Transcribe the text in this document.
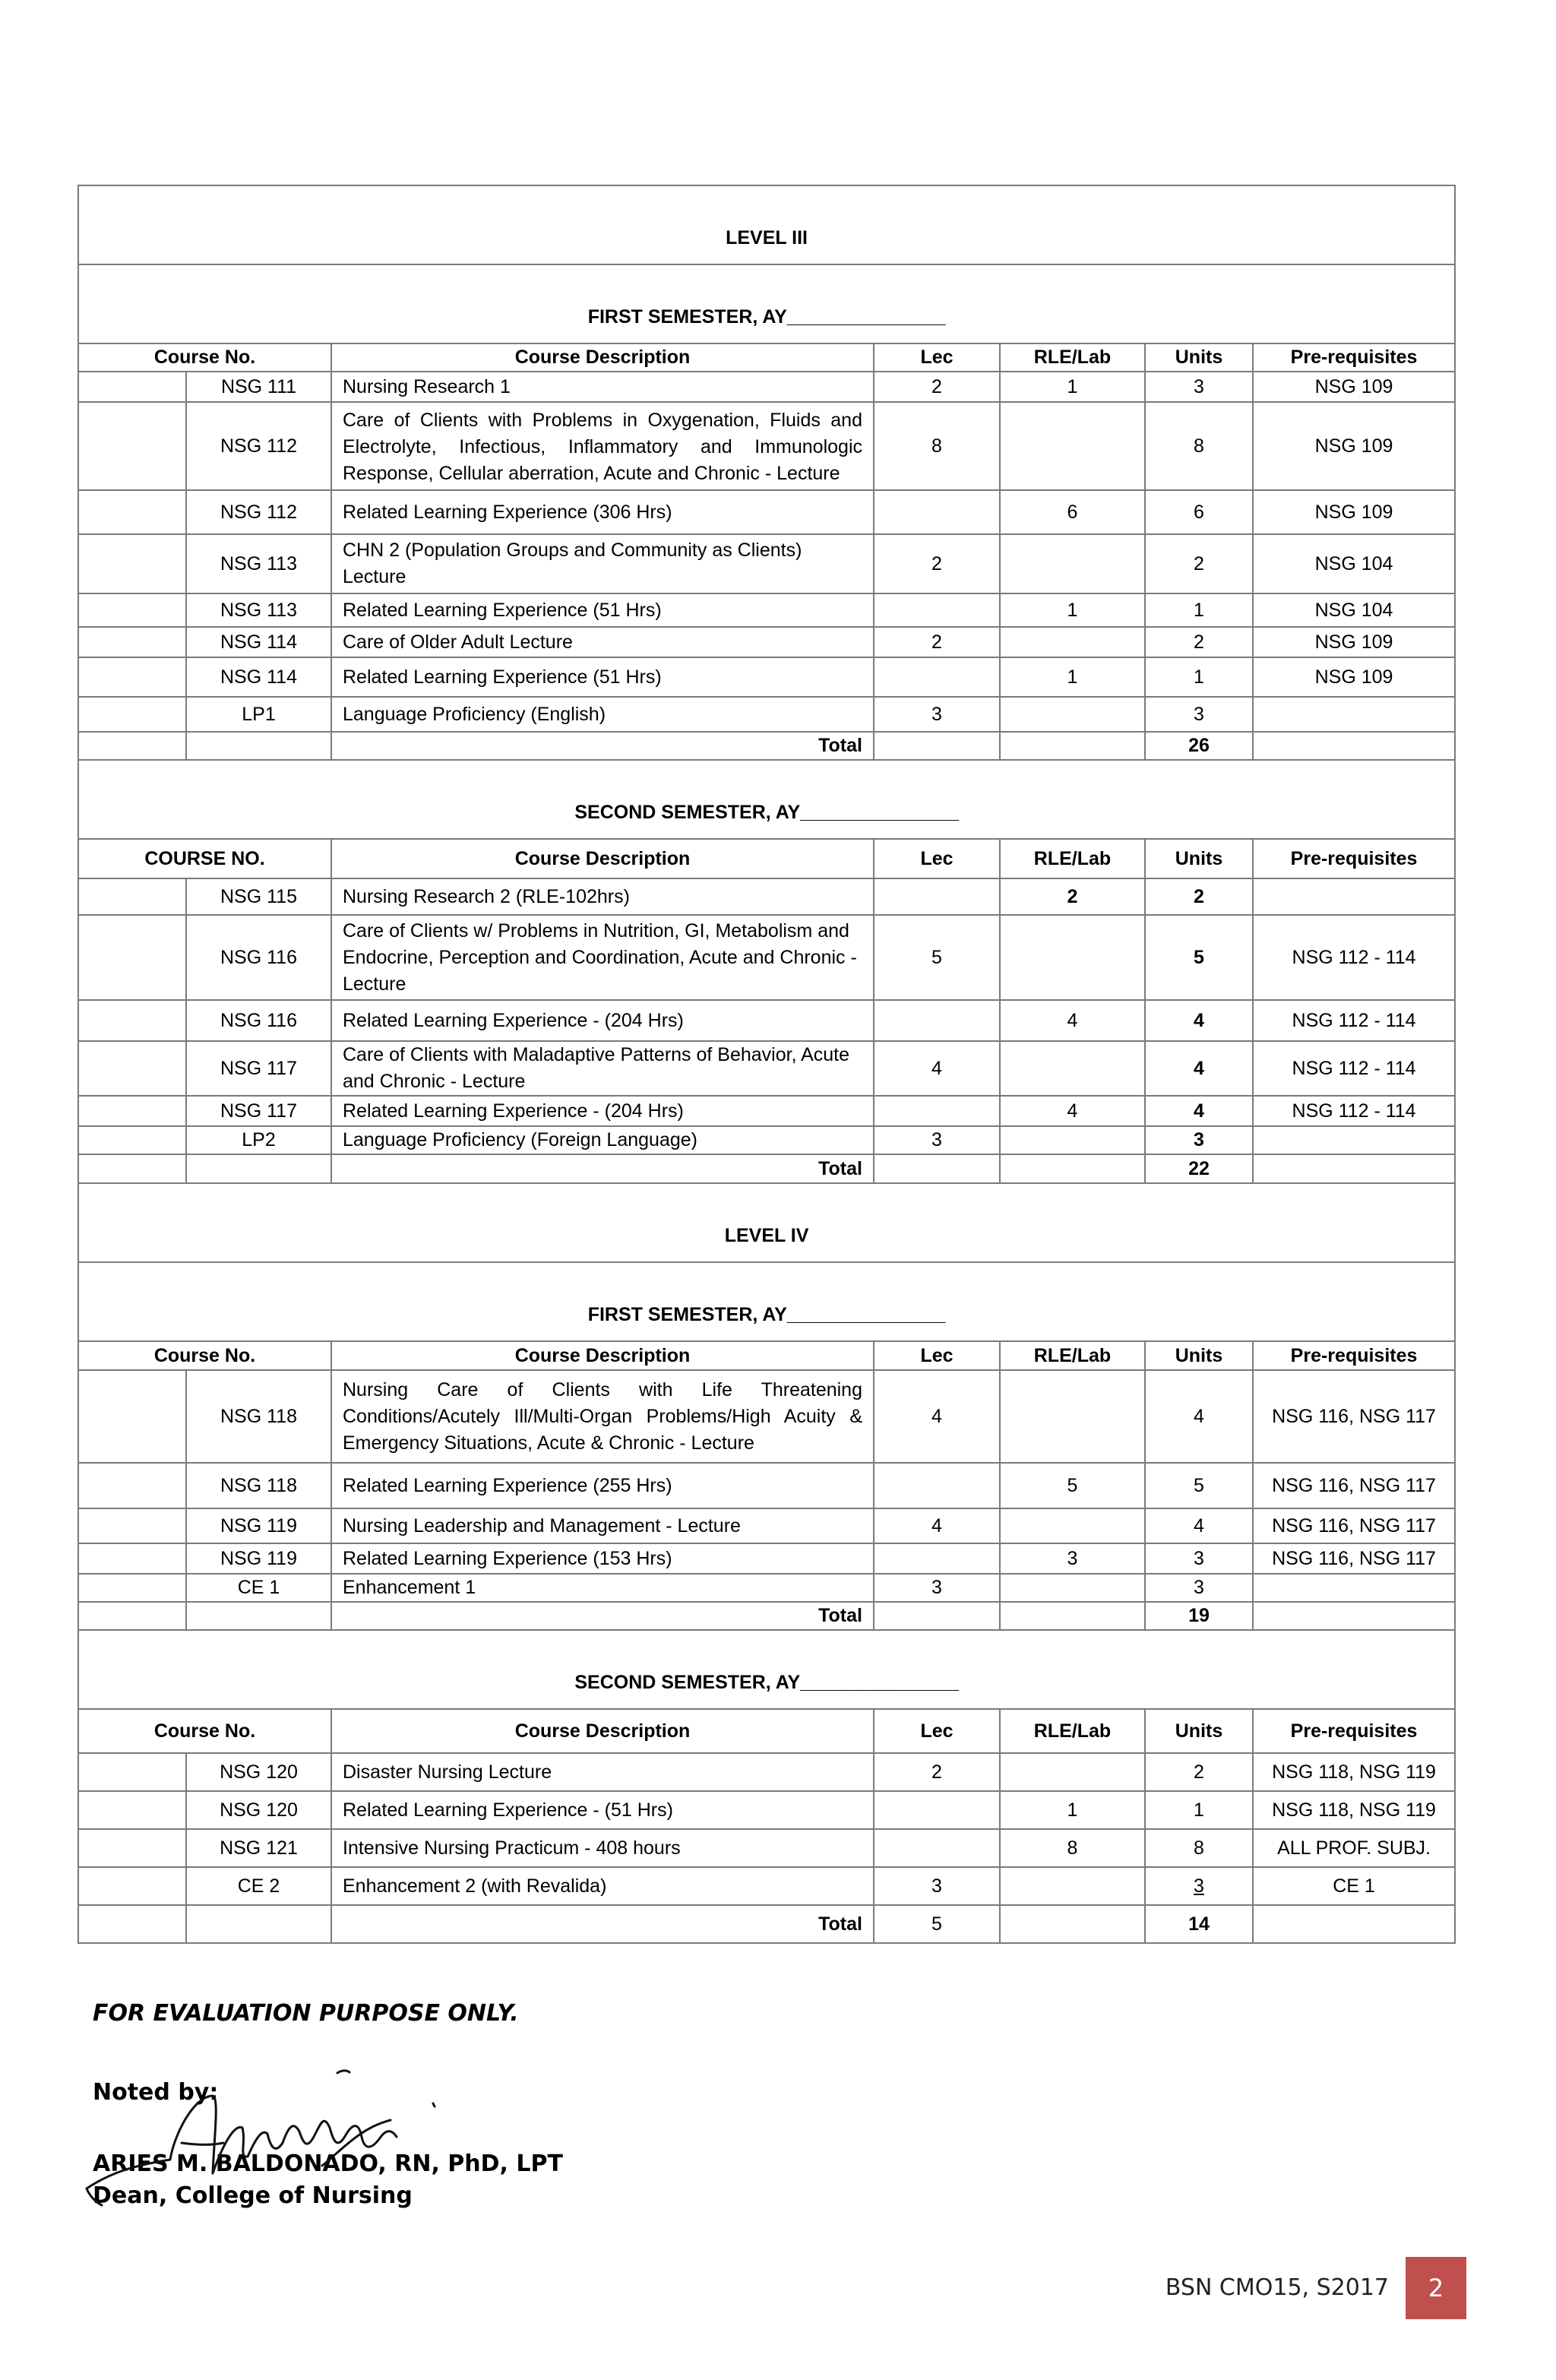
LEVEL III						
FIRST SEMESTER, AY_______________						
Course No.		Course Description	Lec	RLE/Lab	Units	Pre-requisites
	NSG 111	Nursing Research 1	2	1	3	NSG 109
	NSG 112	Care of Clients with Problems in Oxygenation, Fluids and Electrolyte, Infectious, Inflammatory and Immunologic Response, Cellular aberration, Acute and Chronic - Lecture	8		8	NSG 109
	NSG 112	Related Learning Experience (306 Hrs)		6	6	NSG 109
	NSG 113	CHN 2 (Population Groups and Community as Clients) Lecture	2		2	NSG 104
	NSG 113	Related Learning Experience (51 Hrs)		1	1	NSG 104
	NSG 114	Care of Older Adult Lecture	2		2	NSG 109
	NSG 114	Related Learning Experience (51 Hrs)		1	1	NSG 109
	LP1	Language Proficiency (English)	3		3	
		Total			26	
SECOND SEMESTER, AY_______________						
COURSE NO.		Course Description	Lec	RLE/Lab	Units	Pre-requisites
	NSG 115	Nursing Research 2 (RLE-102hrs)		2	2	
	NSG 116	Care of Clients w/ Problems in Nutrition, GI, Metabolism and Endocrine, Perception and Coordination, Acute and Chronic - Lecture	5		5	NSG 112 - 114
	NSG 116	Related Learning Experience - (204 Hrs)		4	4	NSG 112 - 114
	NSG 117	Care of Clients with Maladaptive Patterns of Behavior, Acute and Chronic - Lecture	4		4	NSG 112 - 114
	NSG 117	Related Learning Experience - (204 Hrs)		4	4	NSG 112 - 114
	LP2	Language Proficiency (Foreign Language)	3		3	
		Total			22	
LEVEL IV						
FIRST SEMESTER, AY_______________						
Course No.		Course Description	Lec	RLE/Lab	Units	Pre-requisites
	NSG 118	Nursing Care of Clients with Life Threatening Conditions/Acutely Ill/Multi-Organ Problems/High Acuity & Emergency Situations, Acute & Chronic - Lecture	4		4	NSG 116, NSG 117
	NSG 118	Related Learning Experience (255 Hrs)		5	5	NSG 116, NSG 117
	NSG 119	Nursing Leadership and Management - Lecture	4		4	NSG 116, NSG 117
	NSG 119	Related Learning Experience (153 Hrs)		3	3	NSG 116, NSG 117
	CE 1	Enhancement 1	3		3	
		Total			19	
SECOND SEMESTER, AY_______________						
Course No.		Course Description	Lec	RLE/Lab	Units	Pre-requisites
	NSG 120	Disaster Nursing Lecture	2		2	NSG 118, NSG 119
	NSG 120	Related Learning Experience - (51 Hrs)		1	1	NSG 118, NSG 119
	NSG 121	Intensive Nursing Practicum - 408 hours		8	8	ALL PROF. SUBJ.
	CE 2	Enhancement 2 (with Revalida)	3		3	CE 1
		Total	5		14	
FOR EVALUATION PURPOSE ONLY.
Noted by:
ARIES M. BALDONADO, RN, PhD, LPT
Dean, College of Nursing
BSN CMO15, S2017	2
